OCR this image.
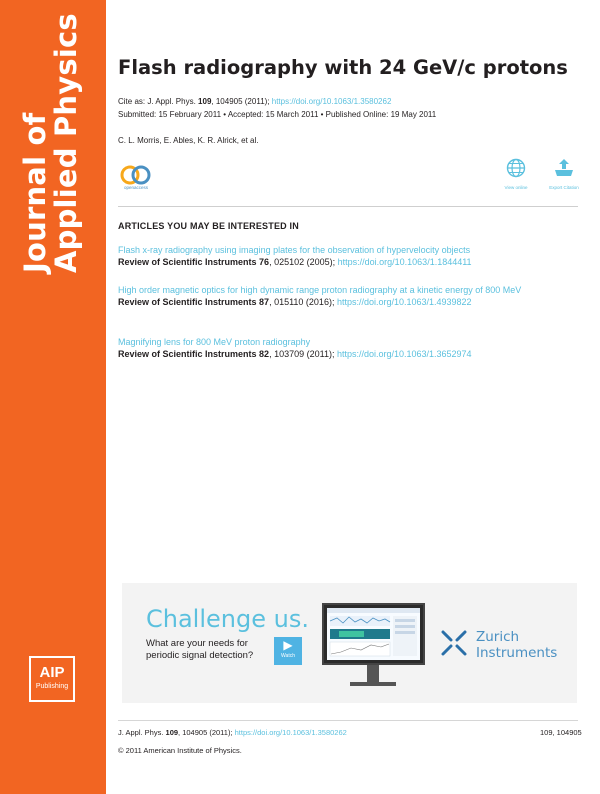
Journal of
Applied Physics
AIP
Publishing
Flash radiography with 24 GeV/c protons
Cite as: J. Appl. Phys. 109, 104905 (2011); https://doi.org/10.1063/1.3580262
Submitted: 15 February 2011 • Accepted: 15 March 2011 • Published Online: 19 May 2011
C. L. Morris, E. Ables, K. R. Alrick, et al.
openaccess	View online	Export Citation
ARTICLES YOU MAY BE INTERESTED IN
Flash x-ray radiography using imaging plates for the observation of hypervelocity objects
Review of Scientific Instruments 76, 025102 (2005); https://doi.org/10.1063/1.1844411
High order magnetic optics for high dynamic range proton radiography at a kinetic energy of 800 MeV
Review of Scientific Instruments 87, 015110 (2016); https://doi.org/10.1063/1.4939822
Magnifying lens for 800 MeV proton radiography
Review of Scientific Instruments 82, 103709 (2011); https://doi.org/10.1063/1.3652974
Challenge us.
What are your needs for periodic signal detection?
▶
Watch
Zurich
Instruments
J. Appl. Phys. 109, 104905 (2011); https://doi.org/10.1063/1.3580262	109, 104905
© 2011 American Institute of Physics.
